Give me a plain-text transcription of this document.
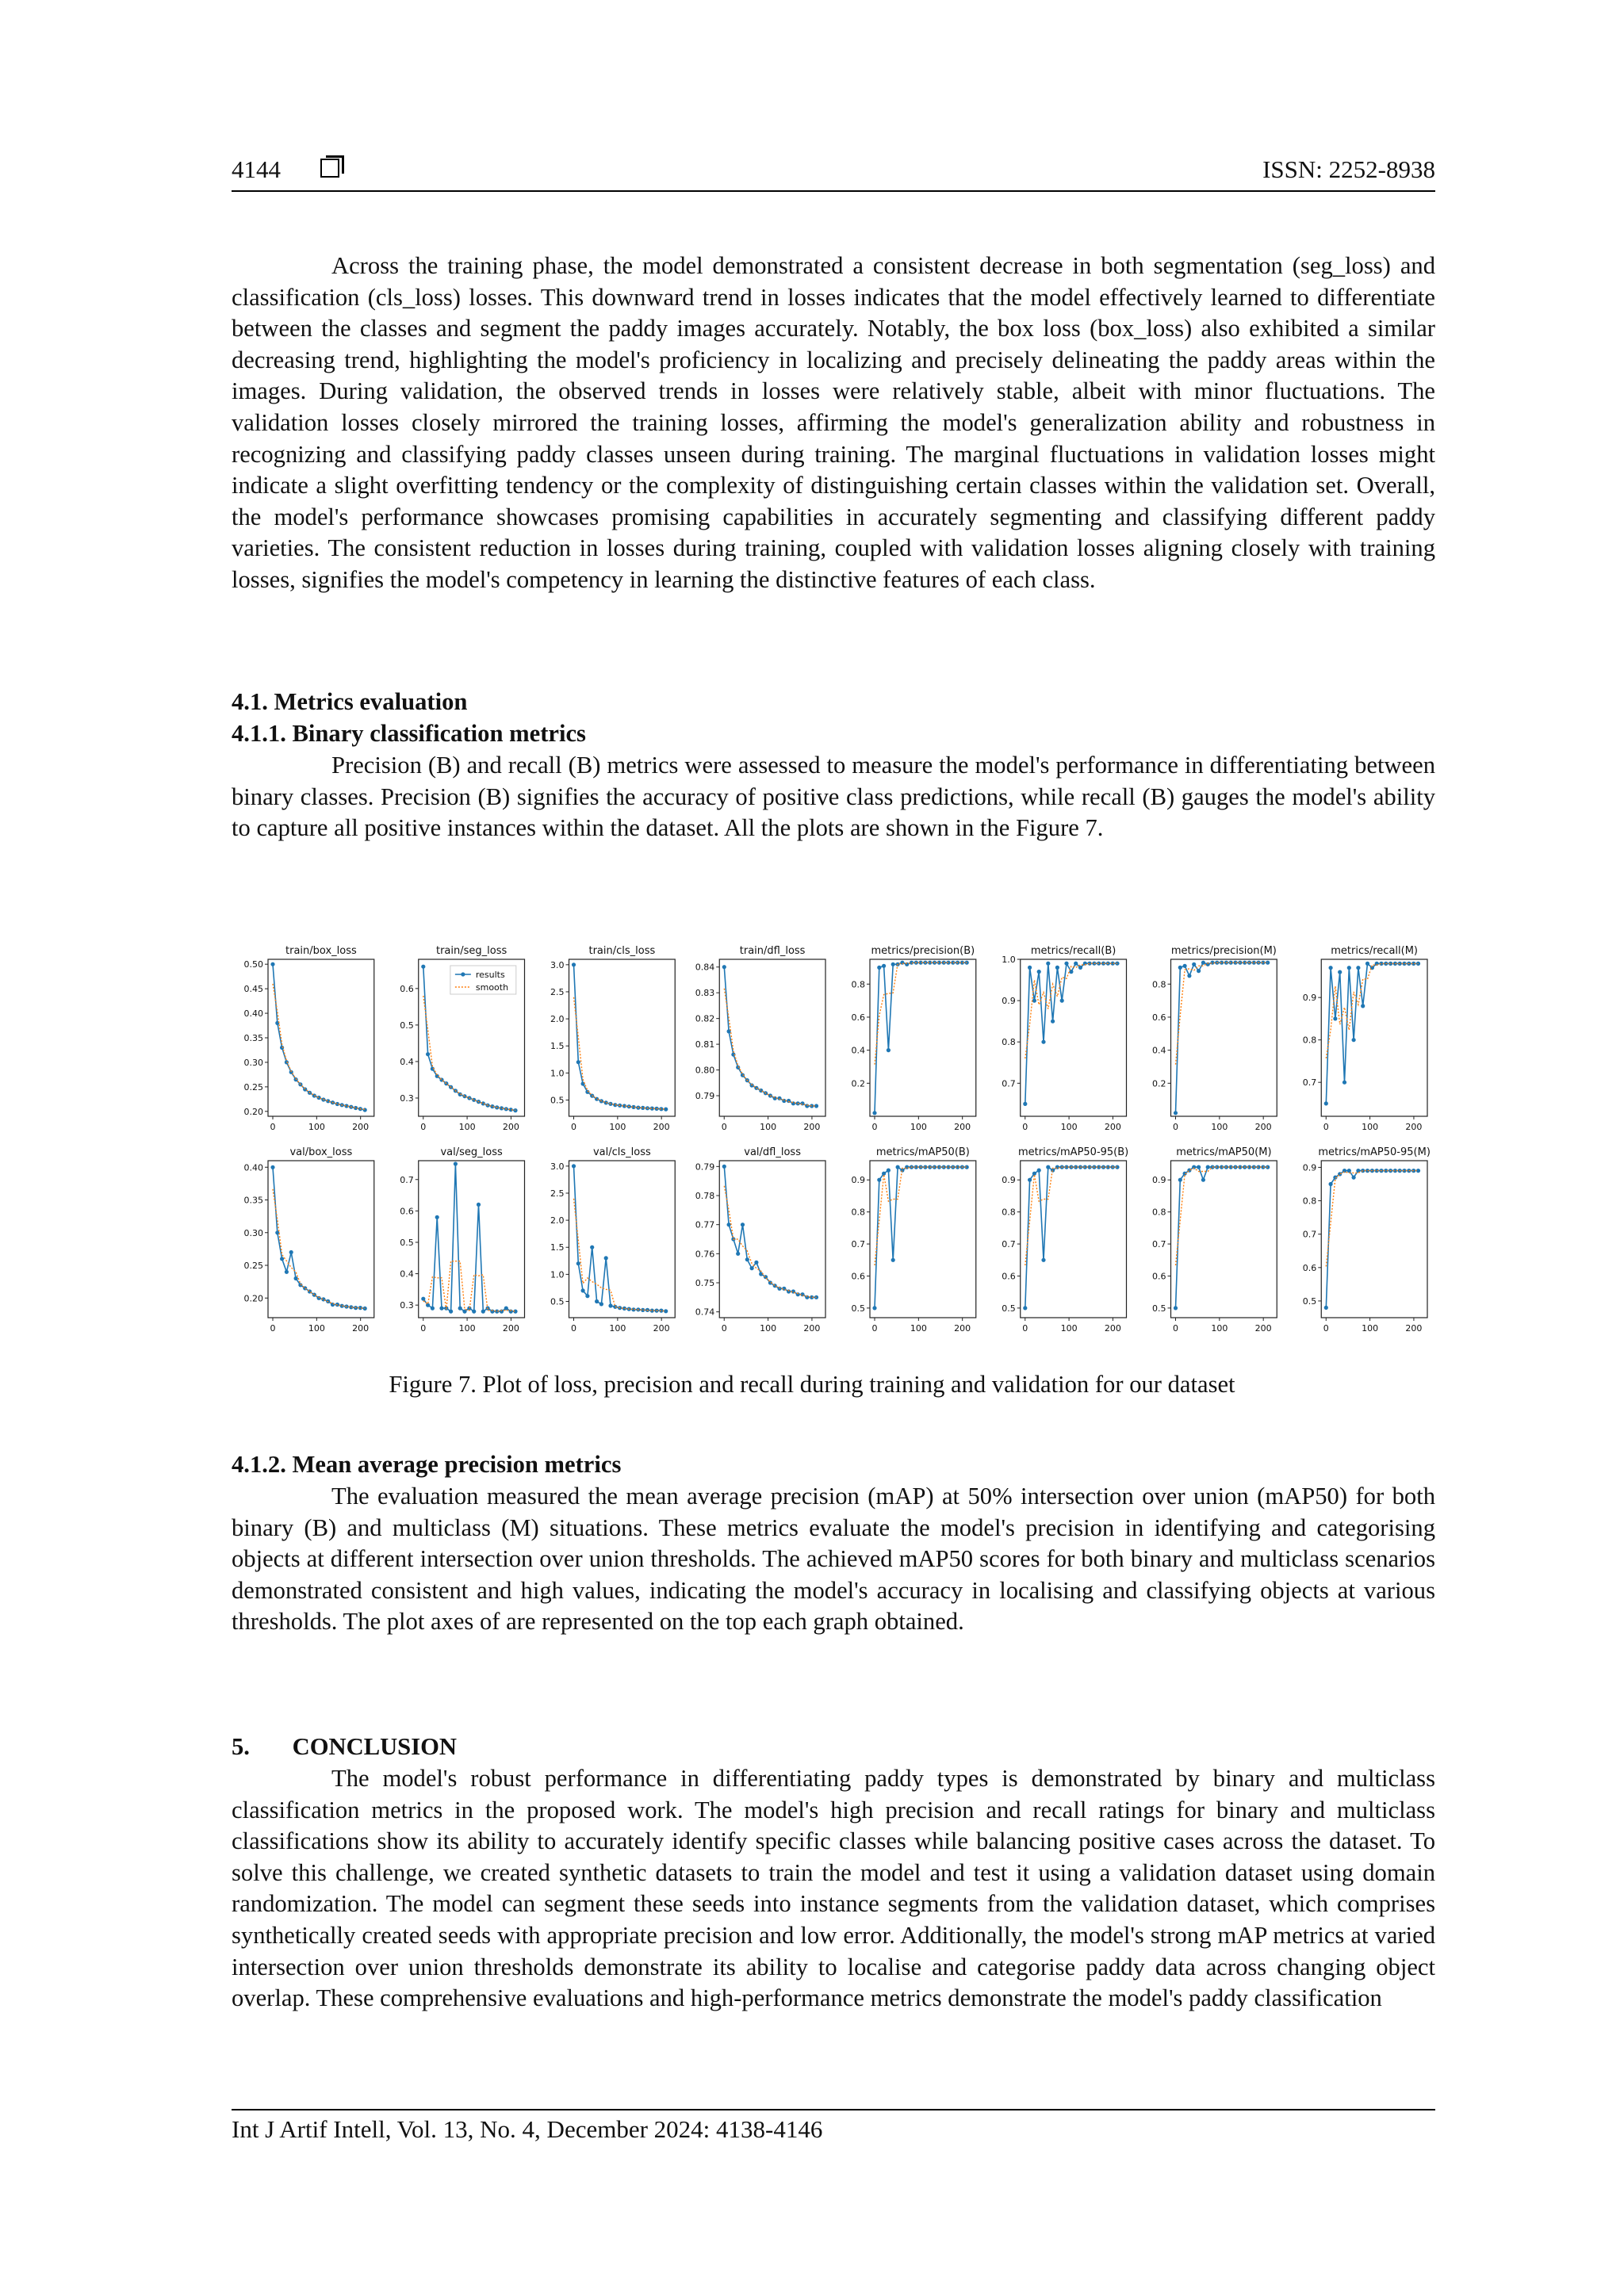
4144	ISSN: 2252-8938

Across the training phase, the model demonstrated a consistent decrease in both segmentation (seg_loss) and classification (cls_loss) losses. This downward trend in losses indicates that the model effectively learned to differentiate between the classes and segment the paddy images accurately. Notably, the box loss (box_loss) also exhibited a similar decreasing trend, highlighting the model's proficiency in localizing and precisely delineating the paddy areas within the images. During validation, the observed trends in losses were relatively stable, albeit with minor fluctuations. The validation losses closely mirrored the training losses, affirming the model's generalization ability and robustness in recognizing and classifying paddy classes unseen during training. The marginal fluctuations in validation losses might indicate a slight overfitting tendency or the complexity of distinguishing certain classes within the validation set. Overall, the model's performance showcases promising capabilities in accurately segmenting and classifying different paddy varieties. The consistent reduction in losses during training, coupled with validation losses aligning closely with training losses, signifies the model's competency in learning the distinctive features of each class.

4.1. Metrics evaluation

4.1.1. Binary classification metrics

Precision (B) and recall (B) metrics were assessed to measure the model's performance in differentiating between binary classes. Precision (B) signifies the accuracy of positive class predictions, while recall (B) gauges the model's ability to capture all positive instances within the dataset. All the plots are shown in the Figure 7.

train/box_loss
0.20
0.25
0.30
0.35
0.40
0.45
0.50
0	100	200
train/seg_loss
0.3
0.4
0.5
0.6
0	100	200
results
smooth
train/cls_loss
0.5
1.0
1.5
2.0
2.5
3.0
0	100	200
train/dfl_loss
0.79
0.80
0.81
0.82
0.83
0.84
0	100	200
metrics/precision(B)
0.2
0.4
0.6
0.8
0	100	200
metrics/recall(B)
0.7
0.8
0.9
1.0
0	100	200
metrics/precision(M)
0.2
0.4
0.6
0.8
0	100	200
metrics/recall(M)
0.7
0.8
0.9
0	100	200
val/box_loss
0.20
0.25
0.30
0.35
0.40
0	100	200
val/seg_loss
0.3
0.4
0.5
0.6
0.7
0	100	200
val/cls_loss
0.5
1.0
1.5
2.0
2.5
3.0
0	100	200
val/dfl_loss
0.74
0.75
0.76
0.77
0.78
0.79
0	100	200
metrics/mAP50(B)
0.5
0.6
0.7
0.8
0.9
0	100	200
metrics/mAP50-95(B)
0.5
0.6
0.7
0.8
0.9
0	100	200
metrics/mAP50(M)
0.5
0.6
0.7
0.8
0.9
0	100	200
metrics/mAP50-95(M)
0.5
0.6
0.7
0.8
0.9
0	100	200
Figure 7. Plot of loss, precision and recall during training and validation for our dataset

4.1.2. Mean average precision metrics

The evaluation measured the mean average precision (mAP) at 50% intersection over union (mAP50) for both binary (B) and multiclass (M) situations. These metrics evaluate the model's precision in identifying and categorising objects at different intersection over union thresholds. The achieved mAP50 scores for both binary and multiclass scenarios demonstrated consistent and high values, indicating the model's accuracy in localising and classifying objects at various thresholds. The plot axes of are represented on the top each graph obtained.

5. CONCLUSION

The model's robust performance in differentiating paddy types is demonstrated by binary and multiclass classification metrics in the proposed work. The model's high precision and recall ratings for binary and multiclass classifications show its ability to accurately identify specific classes while balancing positive cases across the dataset. To solve this challenge, we created synthetic datasets to train the model and test it using a validation dataset using domain randomization. The model can segment these seeds into instance segments from the validation dataset, which comprises synthetically created seeds with appropriate precision and low error. Additionally, the model's strong mAP metrics at varied intersection over union thresholds demonstrate its ability to localise and categorise paddy data across changing object overlap. These comprehensive evaluations and high-performance metrics demonstrate the model's paddy classification

Int J Artif Intell, Vol. 13, No. 4, December 2024: 4138-4146
